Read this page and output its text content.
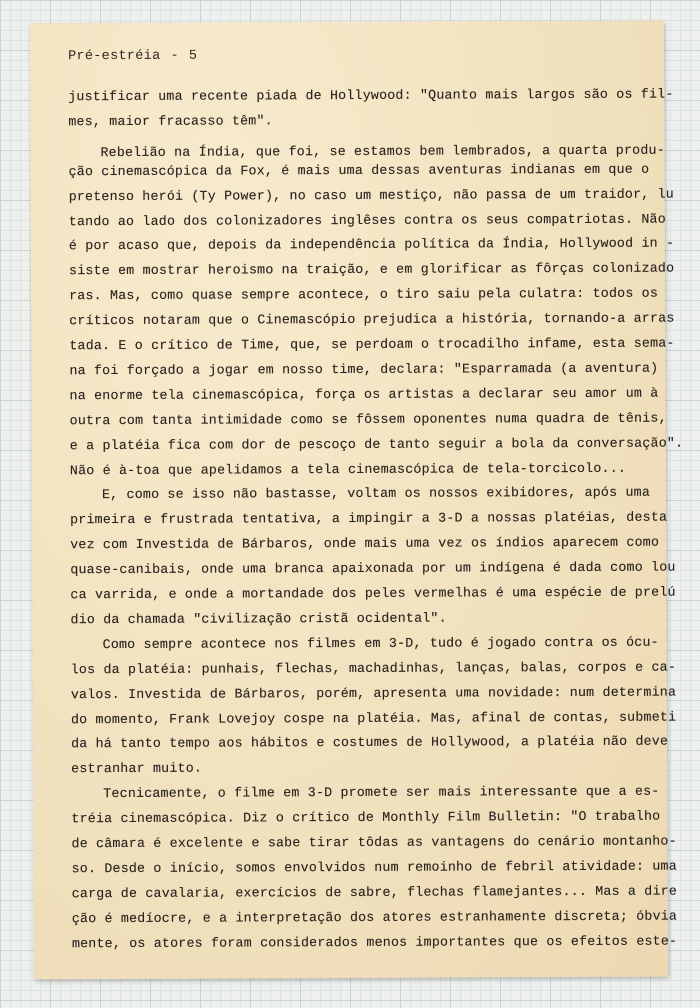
Pré-estréia - 5
justificar uma recente piada de Hollywood: "Quanto mais largos são os fil-
mes, maior fracasso têm".
Rebelião na Índia, que foi, se estamos bem lembrados, a quarta produ-
ção cinemascópica da Fox, é mais uma dessas aventuras indianas em que o
pretenso herói (Ty Power), no caso um mestiço, não passa de um traidor, lu
tando ao lado dos colonizadores inglêses contra os seus compatriotas. Não
é por acaso que, depois da independência política da Índia, Hollywood in -
siste em mostrar heroismo na traição, e em glorificar as fôrças colonizado
ras. Mas, como quase sempre acontece, o tiro saiu pela culatra: todos os
críticos notaram que o Cinemascópio prejudica a história, tornando-a arras
tada. E o crítico de Time, que, se perdoam o trocadilho infame, esta sema-
na foi forçado a jogar em nosso time, declara: "Esparramada (a aventura)
na enorme tela cinemascópica, força os artistas a declarar seu amor um à
outra com tanta intimidade como se fôssem oponentes numa quadra de tênis,
e a platéia fica com dor de pescoço de tanto seguir a bola da conversação".
Não é à-toa que apelidamos a tela cinemascópica de tela-torcicolo...
E, como se isso não bastasse, voltam os nossos exibidores, após uma
primeira e frustrada tentativa, a impingir a 3-D a nossas platéias, desta
vez com Investida de Bárbaros, onde mais uma vez os índios aparecem como
quase-canibais, onde uma branca apaixonada por um indígena é dada como lou
ca varrida, e onde a mortandade dos peles vermelhas é uma espécie de prelú
dio da chamada "civilização cristã ocidental".
Como sempre acontece nos filmes em 3-D, tudo é jogado contra os ócu-
los da platéia: punhais, flechas, machadinhas, lanças, balas, corpos e ca-
valos. Investida de Bárbaros, porém, apresenta uma novidade: num determina
do momento, Frank Lovejoy cospe na platéia. Mas, afinal de contas, submeti
da há tanto tempo aos hábitos e costumes de Hollywood, a platéia não deve
estranhar muito.
Tecnicamente, o filme em 3-D promete ser mais interessante que a es-
tréia cinemascópica. Diz o crítico de Monthly Film Bulletin: "O trabalho
de câmara é excelente e sabe tirar tôdas as vantagens do cenário montanho-
so. Desde o início, somos envolvidos num remoinho de febril atividade: uma
carga de cavalaria, exercícios de sabre, flechas flamejantes... Mas a dire
ção é medíocre, e a interpretação dos atores estranhamente discreta; óbvia
mente, os atores foram considerados menos importantes que os efeitos este-
